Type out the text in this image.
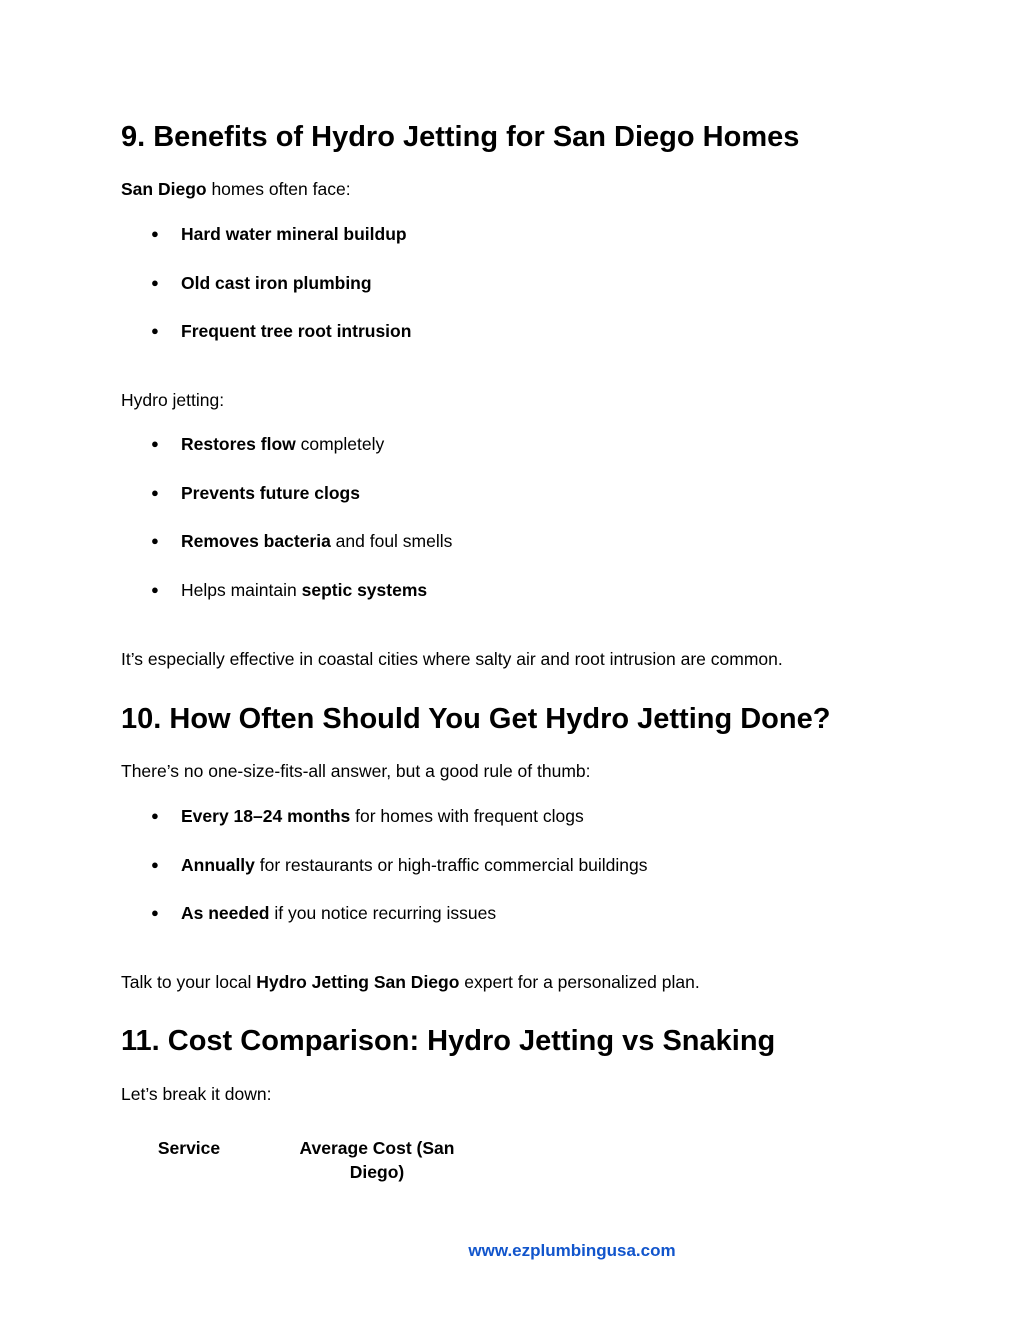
9. Benefits of Hydro Jetting for San Diego Homes

San Diego homes often face:

● Hard water mineral buildup
● Old cast iron plumbing
● Frequent tree root intrusion

Hydro jetting:

● Restores flow completely
● Prevents future clogs
● Removes bacteria and foul smells
● Helps maintain septic systems

It’s especially effective in coastal cities where salty air and root intrusion are common.

10. How Often Should You Get Hydro Jetting Done?

There’s no one-size-fits-all answer, but a good rule of thumb:

● Every 18–24 months for homes with frequent clogs
● Annually for restaurants or high-traffic commercial buildings
● As needed if you notice recurring issues

Talk to your local Hydro Jetting San Diego expert for a personalized plan.

11. Cost Comparison: Hydro Jetting vs Snaking

Let’s break it down:

Service	Average Cost (San
Diego)
www.ezplumbingusa.com
